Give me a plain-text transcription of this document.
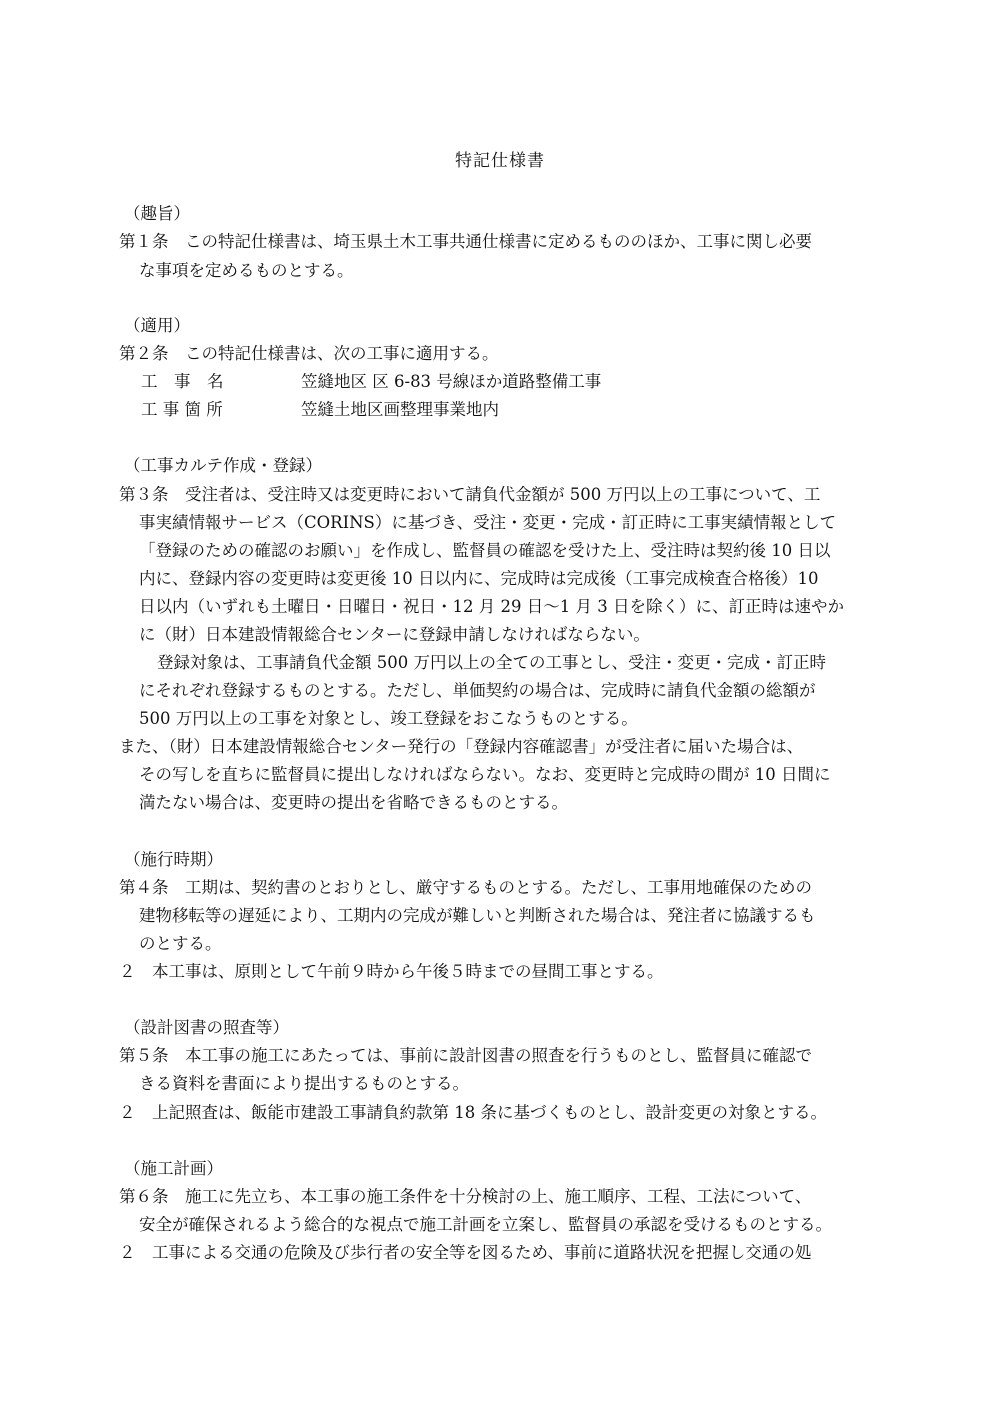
特記仕様書
（趣旨）
第１条　この特記仕様書は、埼玉県土木工事共通仕様書に定めるもののほか、工事に関し必要
な事項を定めるものとする。
（適用）
第２条　この特記仕様書は、次の工事に適用する。
工　事　名	笠縫地区 区 6-83 号線ほか道路整備工事
工 事 箇 所	笠縫土地区画整理事業地内
（工事カルテ作成・登録）
第３条　受注者は、受注時又は変更時において請負代金額が 500 万円以上の工事について、工
事実績情報サービス（CORINS）に基づき、受注・変更・完成・訂正時に工事実績情報として
「登録のための確認のお願い」を作成し、監督員の確認を受けた上、受注時は契約後 10 日以
内に、登録内容の変更時は変更後 10 日以内に、完成時は完成後（工事完成検査合格後）10
日以内（いずれも土曜日・日曜日・祝日・12 月 29 日〜1 月 3 日を除く）に、訂正時は速やか
に（財）日本建設情報総合センターに登録申請しなければならない。
登録対象は、工事請負代金額 500 万円以上の全ての工事とし、受注・変更・完成・訂正時
にそれぞれ登録するものとする。ただし、単価契約の場合は、完成時に請負代金額の総額が
500 万円以上の工事を対象とし、竣工登録をおこなうものとする。
また、（財）日本建設情報総合センター発行の「登録内容確認書」が受注者に届いた場合は、
その写しを直ちに監督員に提出しなければならない。なお、変更時と完成時の間が 10 日間に
満たない場合は、変更時の提出を省略できるものとする。
（施行時期）
第４条　工期は、契約書のとおりとし、厳守するものとする。ただし、工事用地確保のための
建物移転等の遅延により、工期内の完成が難しいと判断された場合は、発注者に協議するも
のとする。
２　本工事は、原則として午前９時から午後５時までの昼間工事とする。
（設計図書の照査等）
第５条　本工事の施工にあたっては、事前に設計図書の照査を行うものとし、監督員に確認で
きる資料を書面により提出するものとする。
２　上記照査は、飯能市建設工事請負約款第 18 条に基づくものとし、設計変更の対象とする。
（施工計画）
第６条　施工に先立ち、本工事の施工条件を十分検討の上、施工順序、工程、工法について、
安全が確保されるよう総合的な視点で施工計画を立案し、監督員の承認を受けるものとする。
２　工事による交通の危険及び歩行者の安全等を図るため、事前に道路状況を把握し交通の処
